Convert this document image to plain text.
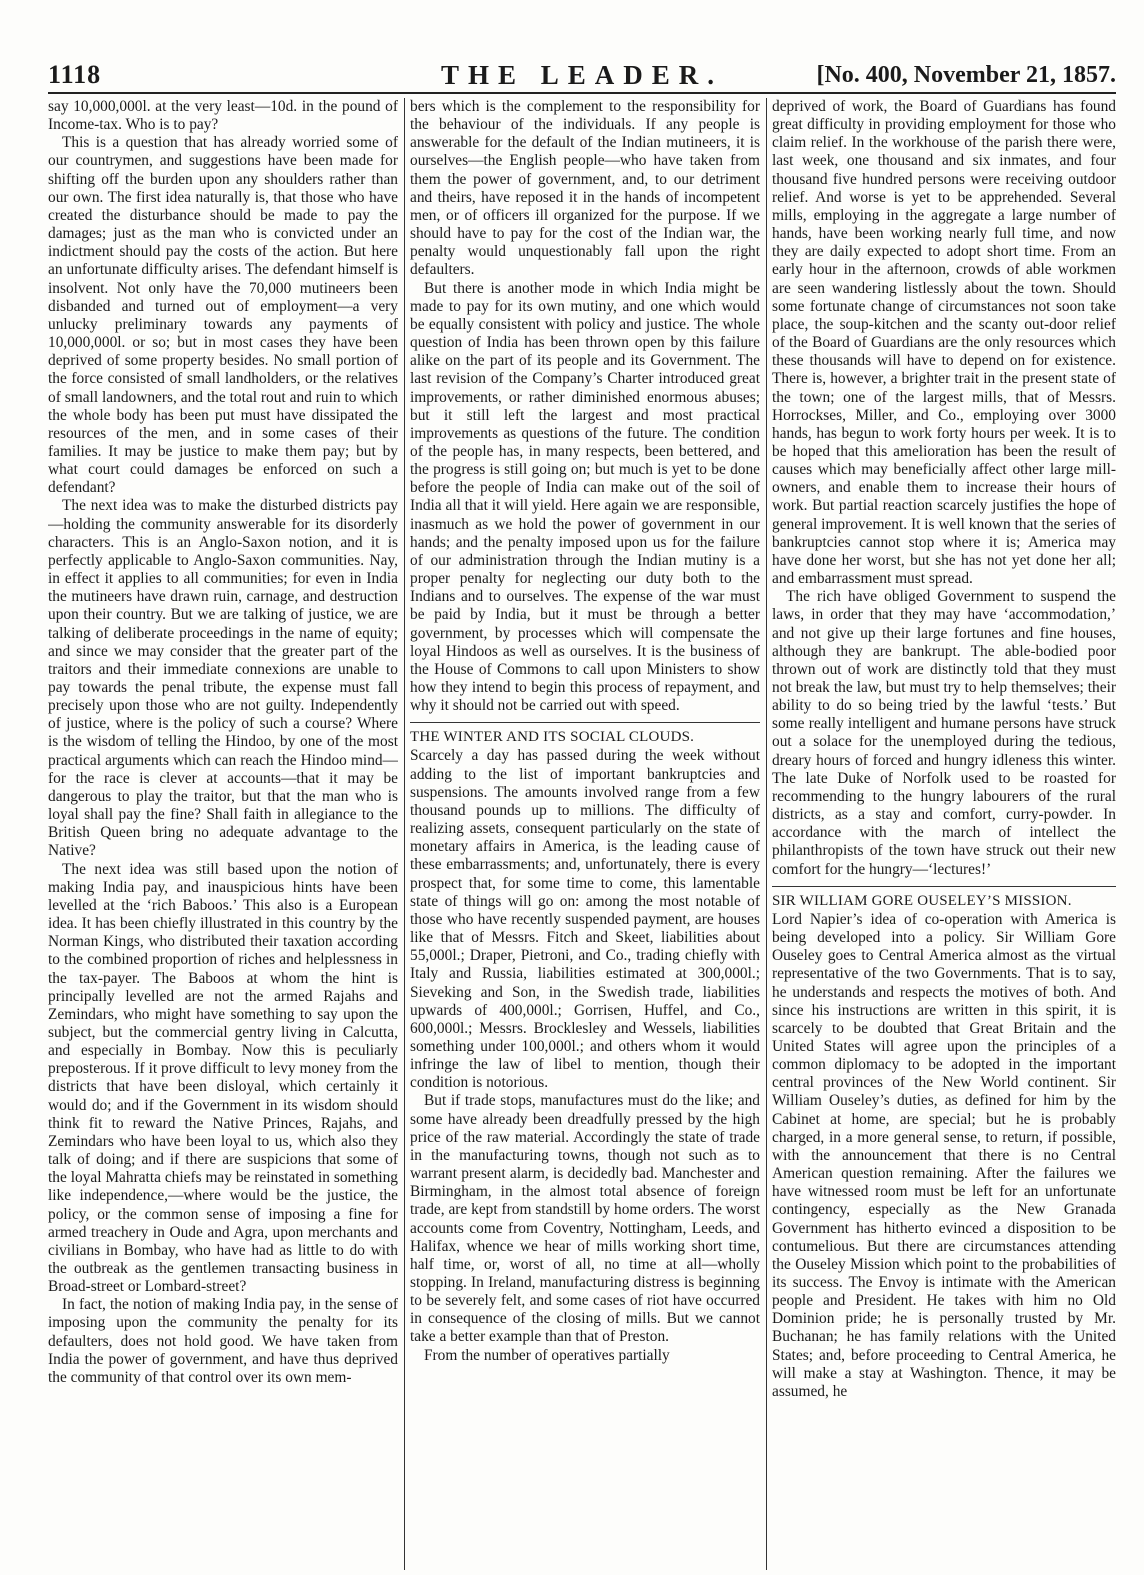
1118	THE LEADER.	[No. 400, November 21, 1857.

say 10,000,000l. at the very least—10d. in the pound of Income-tax. Who is to pay?

This is a question that has already worried some of our countrymen, and suggestions have been made for shifting off the burden upon any shoulders rather than our own. The first idea naturally is, that those who have created the disturbance should be made to pay the damages; just as the man who is convicted under an indictment should pay the costs of the action. But here an unfortunate difficulty arises. The defendant himself is insolvent. Not only have the 70,000 mutineers been disbanded and turned out of employment—a very unlucky preliminary towards any payments of 10,000,000l. or so; but in most cases they have been deprived of some property besides. No small portion of the force consisted of small landholders, or the relatives of small landowners, and the total rout and ruin to which the whole body has been put must have dissipated the resources of the men, and in some cases of their families. It may be justice to make them pay; but by what court could damages be enforced on such a defendant?

The next idea was to make the disturbed districts pay—holding the community answerable for its disorderly characters. This is an Anglo-Saxon notion, and it is perfectly applicable to Anglo-Saxon communities. Nay, in effect it applies to all communities; for even in India the mutineers have drawn ruin, carnage, and destruction upon their country. But we are talking of justice, we are talking of deliberate proceedings in the name of equity; and since we may consider that the greater part of the traitors and their immediate connexions are unable to pay towards the penal tribute, the expense must fall precisely upon those who are not guilty. Independently of justice, where is the policy of such a course? Where is the wisdom of telling the Hindoo, by one of the most practical arguments which can reach the Hindoo mind—for the race is clever at accounts—that it may be dangerous to play the traitor, but that the man who is loyal shall pay the fine? Shall faith in allegiance to the British Queen bring no adequate advantage to the Native?

The next idea was still based upon the notion of making India pay, and inauspicious hints have been levelled at the ‘rich Baboos.’ This also is a European idea. It has been chiefly illustrated in this country by the Norman Kings, who distributed their taxation according to the combined proportion of riches and helplessness in the tax-payer. The Baboos at whom the hint is principally levelled are not the armed Rajahs and Zemindars, who might have something to say upon the subject, but the commercial gentry living in Calcutta, and especially in Bombay. Now this is peculiarly preposterous. If it prove difficult to levy money from the districts that have been disloyal, which certainly it would do; and if the Government in its wisdom should think fit to reward the Native Princes, Rajahs, and Zemindars who have been loyal to us, which also they talk of doing; and if there are suspicions that some of the loyal Mahratta chiefs may be reinstated in something like independence,—where would be the justice, the policy, or the common sense of imposing a fine for armed treachery in Oude and Agra, upon merchants and civilians in Bombay, who have had as little to do with the outbreak as the gentlemen transacting business in Broad-street or Lombard-street?

In fact, the notion of making India pay, in the sense of imposing upon the community the penalty for its defaulters, does not hold good. We have taken from India the power of government, and have thus deprived the community of that control over its own mem-

bers which is the complement to the responsibility for the behaviour of the individuals. If any people is answerable for the default of the Indian mutineers, it is ourselves—the English people—who have taken from them the power of government, and, to our detriment and theirs, have reposed it in the hands of incompetent men, or of officers ill organized for the purpose. If we should have to pay for the cost of the Indian war, the penalty would unquestionably fall upon the right defaulters.

But there is another mode in which India might be made to pay for its own mutiny, and one which would be equally consistent with policy and justice. The whole question of India has been thrown open by this failure alike on the part of its people and its Government. The last revision of the Company’s Charter introduced great improvements, or rather diminished enormous abuses; but it still left the largest and most practical improvements as questions of the future. The condition of the people has, in many respects, been bettered, and the progress is still going on; but much is yet to be done before the people of India can make out of the soil of India all that it will yield. Here again we are responsible, inasmuch as we hold the power of government in our hands; and the penalty imposed upon us for the failure of our administration through the Indian mutiny is a proper penalty for neglecting our duty both to the Indians and to ourselves. The expense of the war must be paid by India, but it must be through a better government, by processes which will compensate the loyal Hindoos as well as ourselves. It is the business of the House of Commons to call upon Ministers to show how they intend to begin this process of repayment, and why it should not be carried out with speed.

THE WINTER AND ITS SOCIAL CLOUDS.

Scarcely a day has passed during the week without adding to the list of important bankruptcies and suspensions. The amounts involved range from a few thousand pounds up to millions. The difficulty of realizing assets, consequent particularly on the state of monetary affairs in America, is the leading cause of these embarrassments; and, unfortunately, there is every prospect that, for some time to come, this lamentable state of things will go on: among the most notable of those who have recently suspended payment, are houses like that of Messrs. Fitch and Skeet, liabilities about 55,000l.; Draper, Pietroni, and Co., trading chiefly with Italy and Russia, liabilities estimated at 300,000l.; Sieveking and Son, in the Swedish trade, liabilities upwards of 400,000l.; Gorrisen, Huffel, and Co., 600,000l.; Messrs. Brocklesley and Wessels, liabilities something under 100,000l.; and others whom it would infringe the law of libel to mention, though their condition is notorious.

But if trade stops, manufactures must do the like; and some have already been dreadfully pressed by the high price of the raw material. Accordingly the state of trade in the manufacturing towns, though not such as to warrant present alarm, is decidedly bad. Manchester and Birmingham, in the almost total absence of foreign trade, are kept from standstill by home orders. The worst accounts come from Coventry, Nottingham, Leeds, and Halifax, whence we hear of mills working short time, half time, or, worst of all, no time at all—wholly stopping. In Ireland, manufacturing distress is beginning to be severely felt, and some cases of riot have occurred in consequence of the closing of mills. But we cannot take a better example than that of Preston.

From the number of operatives partially

deprived of work, the Board of Guardians has found great difficulty in providing employment for those who claim relief. In the workhouse of the parish there were, last week, one thousand and six inmates, and four thousand five hundred persons were receiving outdoor relief. And worse is yet to be apprehended. Several mills, employing in the aggregate a large number of hands, have been working nearly full time, and now they are daily expected to adopt short time. From an early hour in the afternoon, crowds of able workmen are seen wandering listlessly about the town. Should some fortunate change of circumstances not soon take place, the soup-kitchen and the scanty out-door relief of the Board of Guardians are the only resources which these thousands will have to depend on for existence. There is, however, a brighter trait in the present state of the town; one of the largest mills, that of Messrs. Horrockses, Miller, and Co., employing over 3000 hands, has begun to work forty hours per week. It is to be hoped that this amelioration has been the result of causes which may beneficially affect other large mill-owners, and enable them to increase their hours of work. But partial reaction scarcely justifies the hope of general improvement. It is well known that the series of bankruptcies cannot stop where it is; America may have done her worst, but she has not yet done her all; and embarrassment must spread.

The rich have obliged Government to suspend the laws, in order that they may have ‘accommodation,’ and not give up their large fortunes and fine houses, although they are bankrupt. The able-bodied poor thrown out of work are distinctly told that they must not break the law, but must try to help themselves; their ability to do so being tried by the lawful ‘tests.’ But some really intelligent and humane persons have struck out a solace for the unemployed during the tedious, dreary hours of forced and hungry idleness this winter. The late Duke of Norfolk used to be roasted for recommending to the hungry labourers of the rural districts, as a stay and comfort, curry-powder. In accordance with the march of intellect the philanthropists of the town have struck out their new comfort for the hungry—‘lectures!’

SIR WILLIAM GORE OUSELEY’S MISSION.

Lord Napier’s idea of co-operation with America is being developed into a policy. Sir William Gore Ouseley goes to Central America almost as the virtual representative of the two Governments. That is to say, he understands and respects the motives of both. And since his instructions are written in this spirit, it is scarcely to be doubted that Great Britain and the United States will agree upon the principles of a common diplomacy to be adopted in the important central provinces of the New World continent. Sir William Ouseley’s duties, as defined for him by the Cabinet at home, are special; but he is probably charged, in a more general sense, to return, if possible, with the announcement that there is no Central American question remaining. After the failures we have witnessed room must be left for an unfortunate contingency, especially as the New Granada Government has hitherto evinced a disposition to be contumelious. But there are circumstances attending the Ouseley Mission which point to the probabilities of its success. The Envoy is intimate with the American people and President. He takes with him no Old Dominion pride; he is personally trusted by Mr. Buchanan; he has family relations with the United States; and, before proceeding to Central America, he will make a stay at Washington. Thence, it may be assumed, he
